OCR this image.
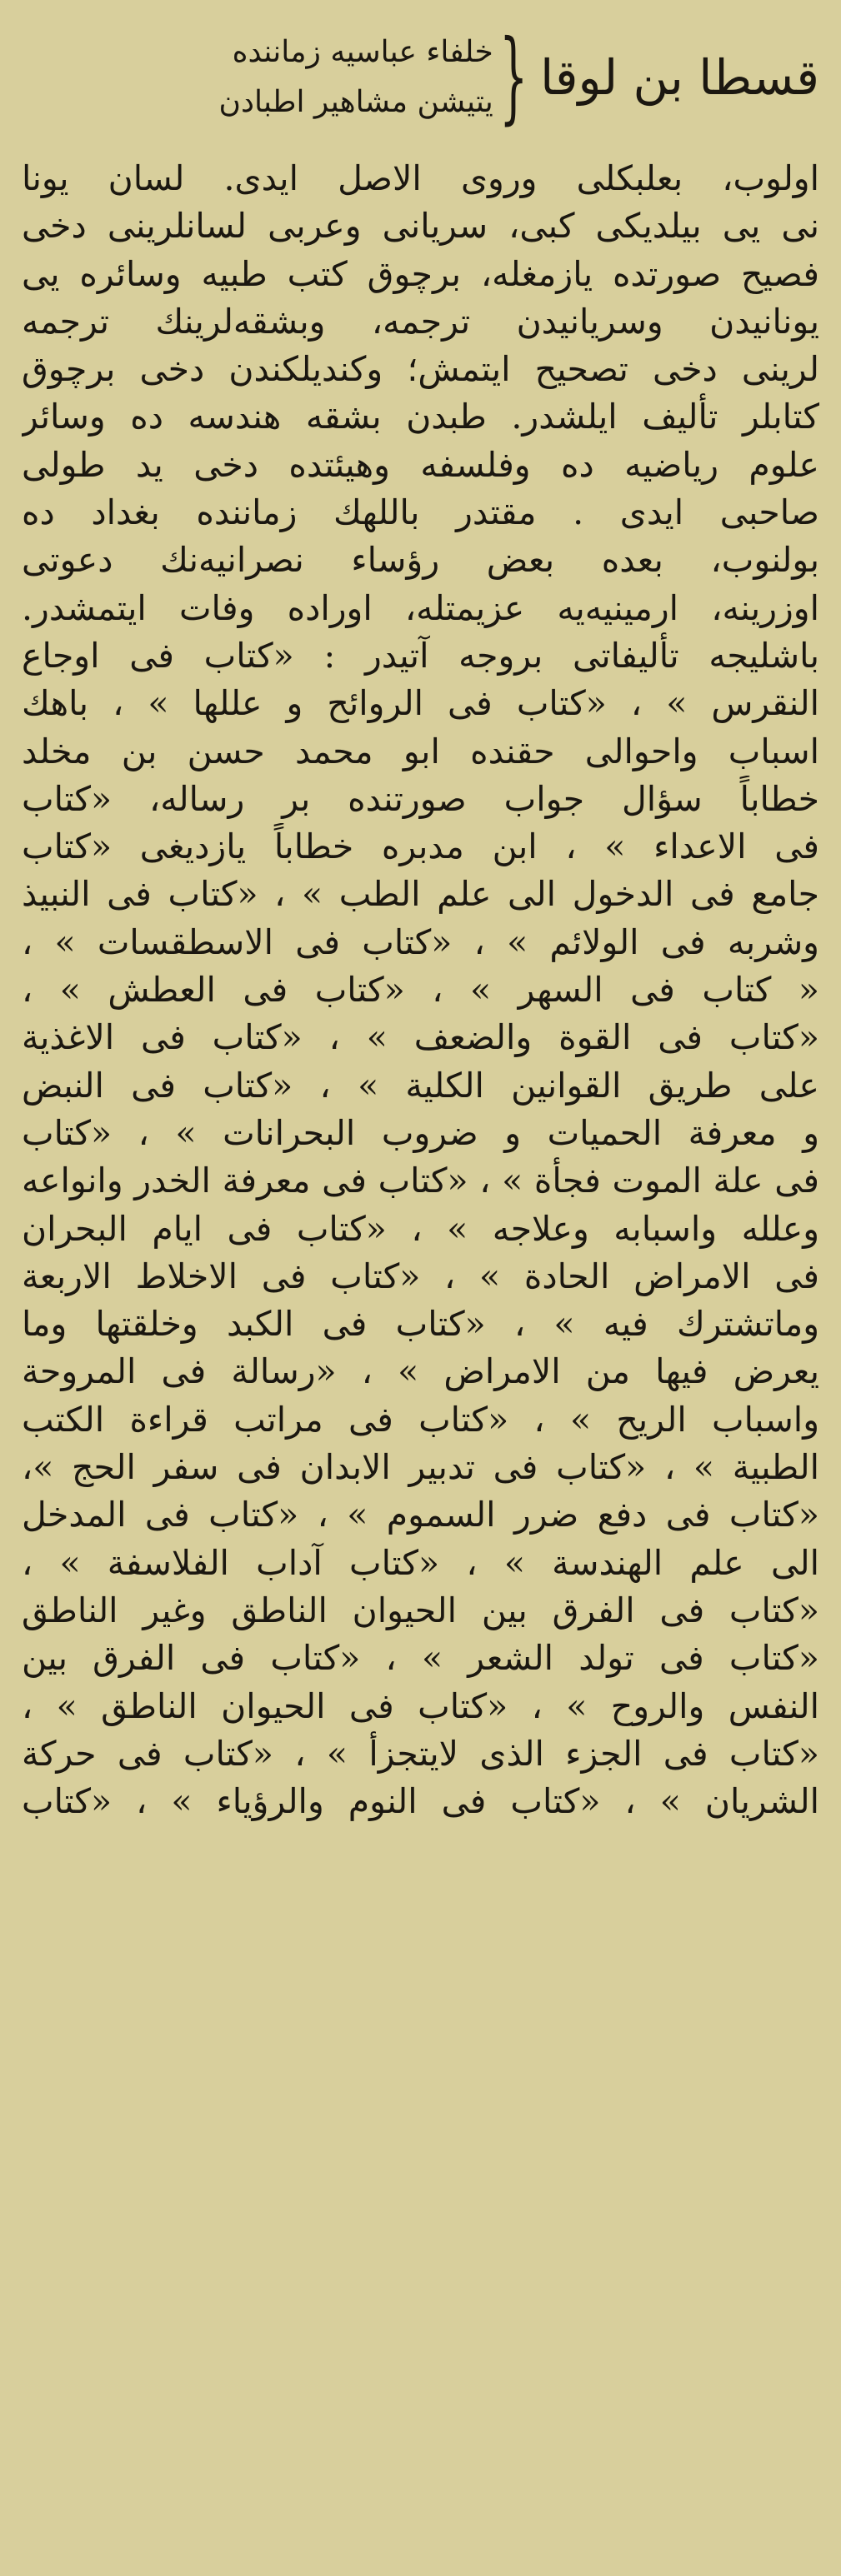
قسطا بن لوقا
{
خلفاء عباسيه زماننده
يتيشن مشاهير اطبادن
اولوب، بعلبكلى وروى الاصل ايدى. لسان يونا
نى يى بيلديكى كبى، سريانى وعربى لسانلرينى دخى
فصيح صورتده يازمغله، برچوق كتب طبيه وسائره يى
يونانيدن وسريانيدن ترجمه، وبشقه‌لرينك ترجمه
لرينى دخى تصحيح ايتمش؛ وكنديلكندن دخى برچوق
كتابلر تأليف ايلشدر. طبدن بشقه هندسه ده وسائر
علوم رياضيه ده وفلسفه وهيئتده دخى يد طولى
صاحبى ايدى . مقتدر باللهك زماننده بغداد ده
بولنوب، بعده بعض رؤساء نصرانيه‌نك دعوتى
اوزرينه، ارمينيه‌يه عزيمتله، اوراده وفات ايتمشدر.
باشليجه تأليفاتى بروجه آتيدر : «كتاب فى اوجاع
النقرس » ، «كتاب فى الروائح و عللها » ، باهك
اسباب واحوالى حقنده ابو محمد حسن بن مخلد
خطاباً سؤال جواب صورتنده بر رساله، «كتاب
فى الاعداء » ، ابن مدبره خطاباً يازديغى «كتاب
جامع فى الدخول الى علم الطب » ، «كتاب فى النبيذ
وشربه فى الولائم » ، «كتاب فى الاسطقسات » ،
« كتاب فى السهر » ، «كتاب فى العطش » ،
«كتاب فى القوة والضعف » ، «كتاب فى الاغذية
على طريق القوانين الكلية » ، «كتاب فى النبض
و معرفة الحميات و ضروب البحرانات » ، «كتاب
فى علة الموت فجأة » ، «كتاب فى معرفة الخدر وانواعه
وعلله واسبابه وعلاجه » ، «كتاب فى ايام البحران
فى الامراض الحادة » ، «كتاب فى الاخلاط الاربعة
وماتشترك فيه » ، «كتاب فى الكبد وخلقتها وما
يعرض فيها من الامراض » ، «رسالة فى المروحة
واسباب الريح » ، «كتاب فى مراتب قراءة الكتب
الطبية » ، «كتاب فى تدبير الابدان فى سفر الحج »،
«كتاب فى دفع ضرر السموم » ، «كتاب فى المدخل
الى علم الهندسة » ، «كتاب آداب الفلاسفة » ،
«كتاب فى الفرق بين الحيوان الناطق وغير الناطق
«كتاب فى تولد الشعر » ، «كتاب فى الفرق بين
النفس والروح » ، «كتاب فى الحيوان الناطق » ،
«كتاب فى الجزء الذى لايتجزأ » ، «كتاب فى حركة
الشريان » ، «كتاب فى النوم والرؤياء » ، «كتاب
